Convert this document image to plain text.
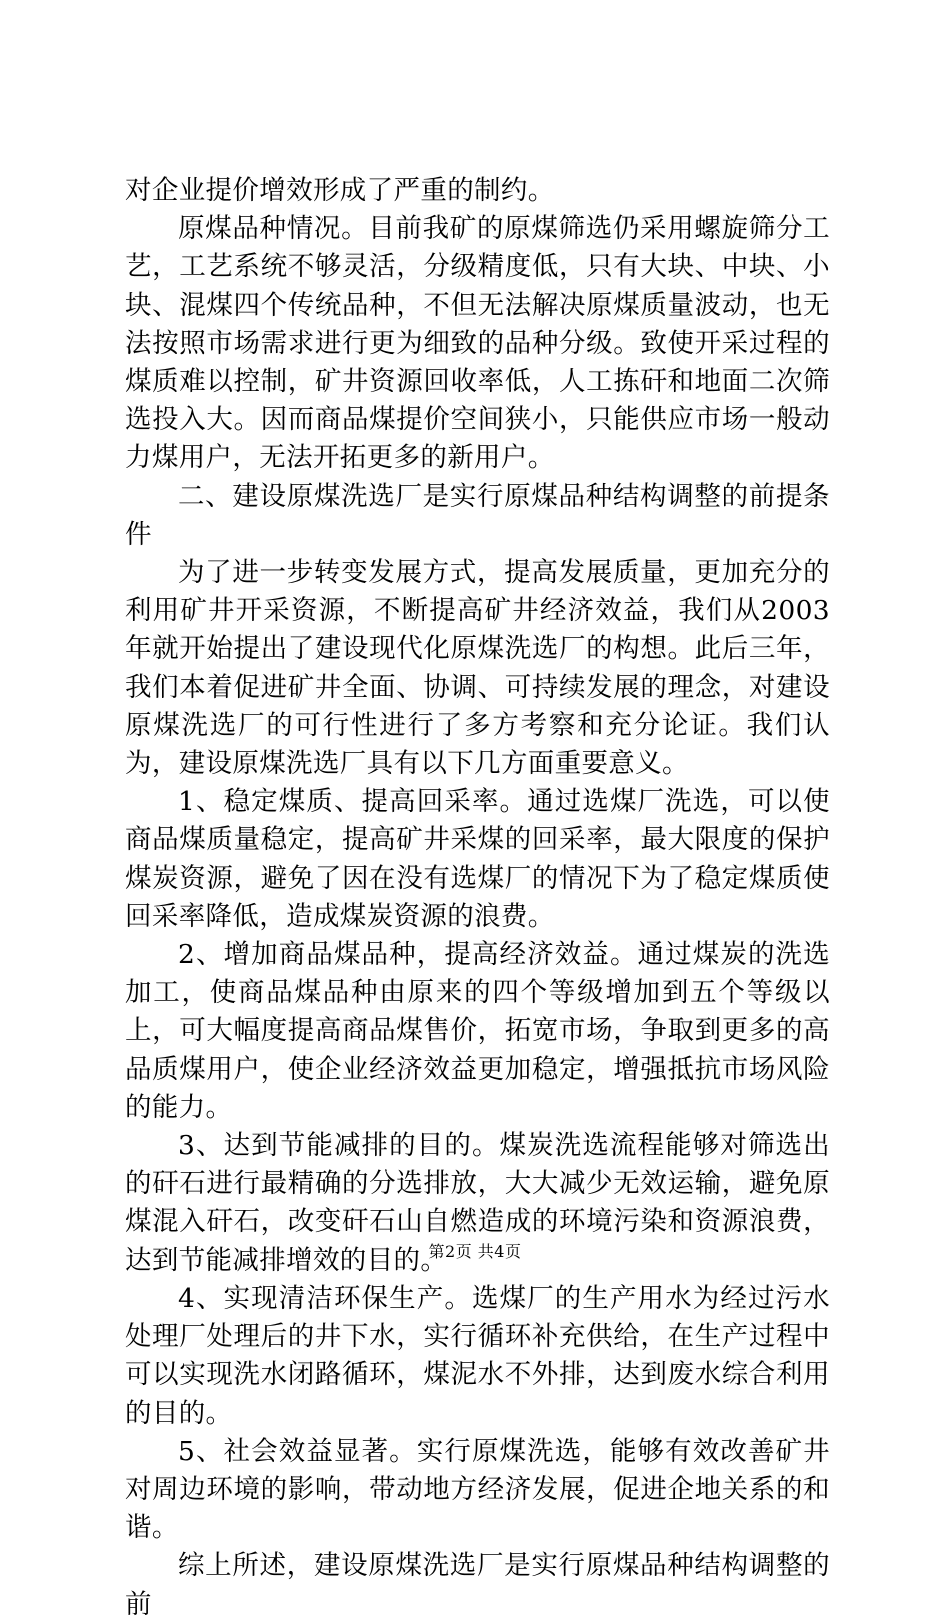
对企业提价增效形成了严重的制约。

原煤品种情况。目前我矿的原煤筛选仍采用螺旋筛分工艺，工艺系统不够灵活，分级精度低，只有大块、中块、小块、混煤四个传统品种，不但无法解决原煤质量波动，也无法按照市场需求进行更为细致的品种分级。致使开采过程的煤质难以控制，矿井资源回收率低，人工拣矸和地面二次筛选投入大。因而商品煤提价空间狭小，只能供应市场一般动力煤用户，无法开拓更多的新用户。

二、建设原煤洗选厂是实行原煤品种结构调整的前提条件

为了进一步转变发展方式，提高发展质量，更加充分的利用矿井开采资源，不断提高矿井经济效益，我们从2003年就开始提出了建设现代化原煤洗选厂的构想。此后三年，我们本着促进矿井全面、协调、可持续发展的理念，对建设原煤洗选厂的可行性进行了多方考察和充分论证。我们认为，建设原煤洗选厂具有以下几方面重要意义。

1、稳定煤质、提高回采率。通过选煤厂洗选，可以使商品煤质量稳定，提高矿井采煤的回采率，最大限度的保护煤炭资源，避免了因在没有选煤厂的情况下为了稳定煤质使回采率降低，造成煤炭资源的浪费。

2、增加商品煤品种，提高经济效益。通过煤炭的洗选加工，使商品煤品种由原来的四个等级增加到五个等级以上，可大幅度提高商品煤售价，拓宽市场，争取到更多的高品质煤用户，使企业经济效益更加稳定，增强抵抗市场风险的能力。

3、达到节能减排的目的。煤炭洗选流程能够对筛选出的矸石进行最精确的分选排放，大大减少无效运输，避免原煤混入矸石，改变矸石山自燃造成的环境污染和资源浪费，达到节能减排增效的目的。

4、实现清洁环保生产。选煤厂的生产用水为经过污水处理厂处理后的井下水，实行循环补充供给，在生产过程中可以实现洗水闭路循环，煤泥水不外排，达到废水综合利用的目的。

5、社会效益显著。实行原煤洗选，能够有效改善矿井对周边环境的影响，带动地方经济发展，促进企地关系的和谐。

综上所述，建设原煤洗选厂是实行原煤品种结构调整的前

第2页 共4页
